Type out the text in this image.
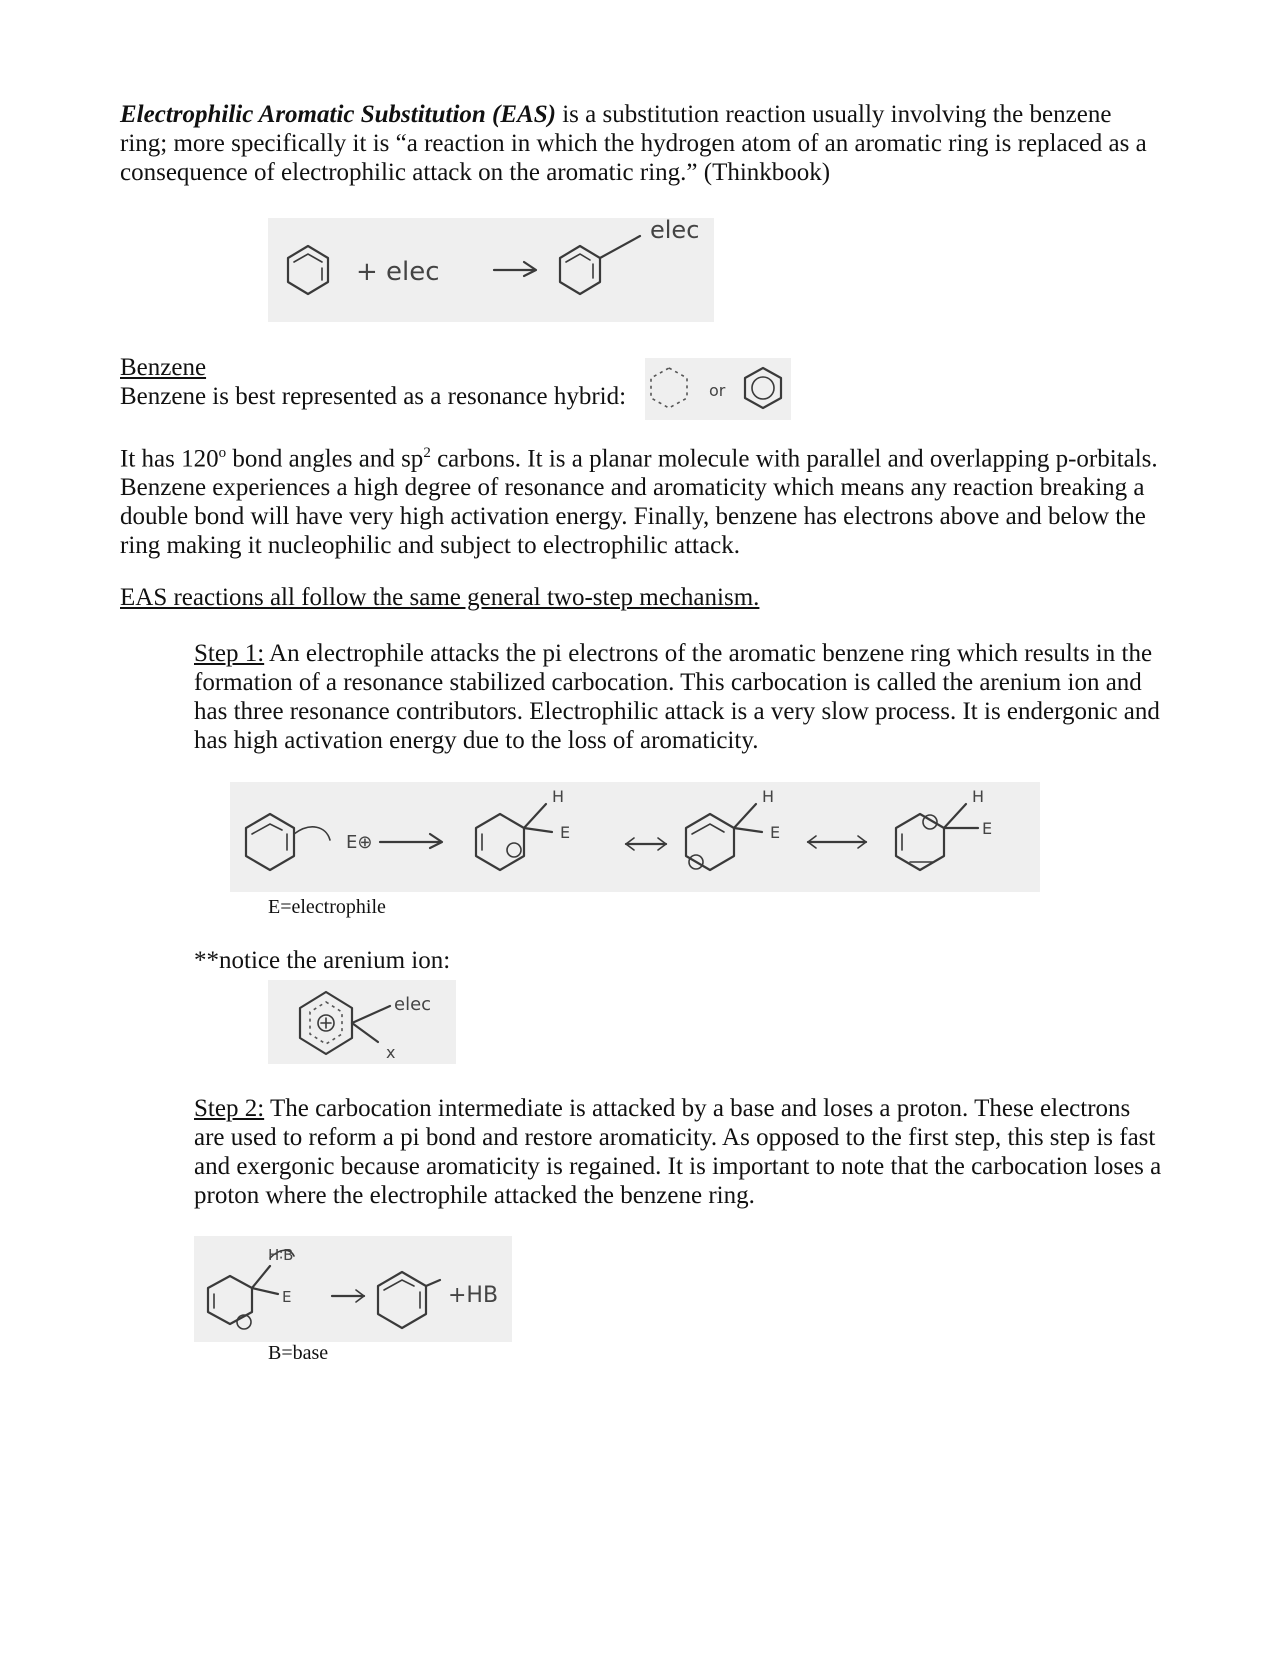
Electrophilic Aromatic Substitution (EAS) is a substitution reaction usually involving the benzene ring; more specifically it is “a reaction in which the hydrogen atom of an aromatic ring is replaced as a consequence of electrophilic attack on the aromatic ring.” (Thinkbook)
+ elec
elec
Benzene
Benzene is best represented as a resonance hybrid:	or
It has 120$^o$ bond angles and $sp^2$ carbons. It is a planar molecule with parallel and overlapping p-orbitals. Benzene experiences a high degree of resonance and aromaticity which means any reaction breaking a double bond will have very high activation energy. Finally, benzene has electrons above and below the ring making it nucleophilic and subject to electrophilic attack.
EAS reactions all follow the same general two-step mechanism.
Step 1: An electrophile attacks the pi electrons of the aromatic benzene ring which results in the formation of a resonance stabilized carbocation. This carbocation is called the arenium ion and has three resonance contributors. Electrophilic attack is a very slow process. It is endergonic and has high activation energy due to the loss of aromaticity.
E⊕
H
E
H
E
H
E
E=electrophile
**notice the arenium ion:
elec
x
Step 2: The carbocation intermediate is attacked by a base and loses a proton. These electrons are used to reform a pi bond and restore aromaticity. As opposed to the first step, this step is fast and exergonic because aromaticity is regained. It is important to note that the carbocation loses a proton where the electrophile attacked the benzene ring.
H∶B
E	+HB
B=base
